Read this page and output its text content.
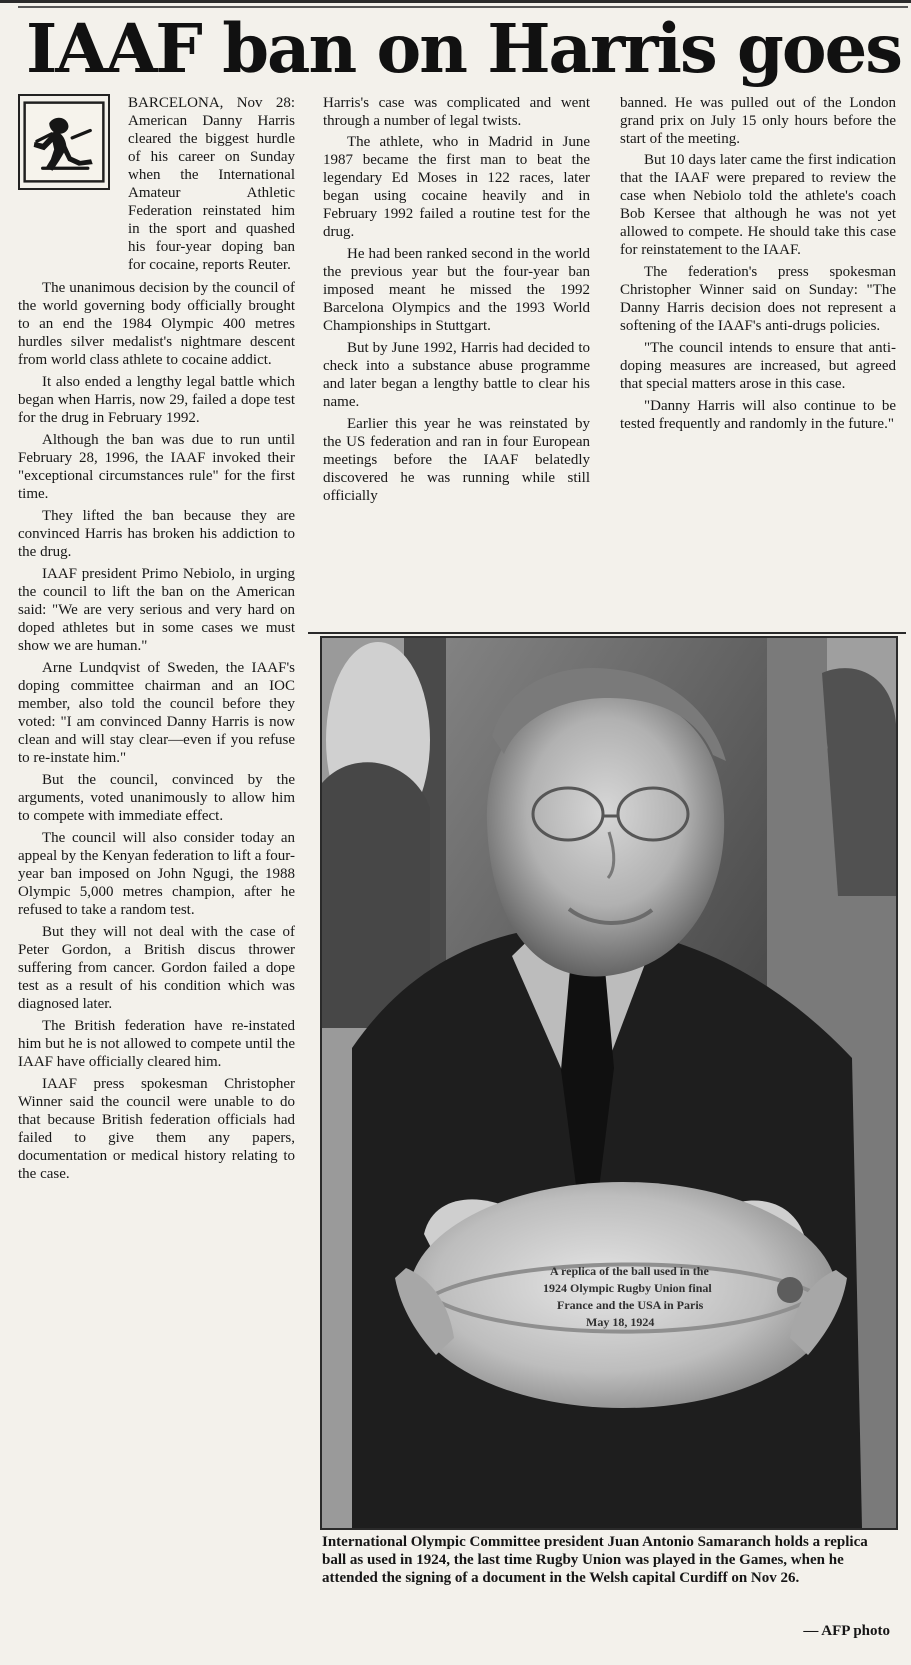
IAAF ban on Harris goes

BARCELONA, Nov 28: American Danny Harris cleared the biggest hurdle of his career on Sunday when the International Amateur Athletic Federation reinstated him in the sport and quashed his four-year doping ban for cocaine, reports Reuter.

The unanimous decision by the council of the world governing body officially brought to an end the 1984 Olympic 400 metres hurdles silver medalist's nightmare descent from world class athlete to cocaine addict.

It also ended a lengthy legal battle which began when Harris, now 29, failed a dope test for the drug in February 1992.

Although the ban was due to run until February 28, 1996, the IAAF invoked their "exceptional circumstances rule" for the first time.

They lifted the ban because they are convinced Harris has broken his addiction to the drug.

IAAF president Primo Nebiolo, in urging the council to lift the ban on the American said: "We are very serious and very hard on doped athletes but in some cases we must show we are human."

Arne Lundqvist of Sweden, the IAAF's doping committee chairman and an IOC member, also told the council before they voted: "I am convinced Danny Harris is now clean and will stay clear—even if you refuse to re-instate him."

But the council, convinced by the arguments, voted unanimously to allow him to compete with immediate effect.

The council will also consider today an appeal by the Kenyan federation to lift a four-year ban imposed on John Ngugi, the 1988 Olympic 5,000 metres champion, after he refused to take a random test.

But they will not deal with the case of Peter Gordon, a British discus thrower suffering from cancer. Gordon failed a dope test as a result of his condition which was diagnosed later.

The British federation have re-instated him but he is not allowed to compete until the IAAF have officially cleared him.

IAAF press spokesman Christopher Winner said the council were unable to do that because British federation officials had failed to give them any papers, documentation or medical history relating to the case.

Harris's case was complicated and went through a number of legal twists.

The athlete, who in Madrid in June 1987 became the first man to beat the legendary Ed Moses in 122 races, later began using cocaine heavily and in February 1992 failed a routine test for the drug.

He had been ranked second in the world the previous year but the four-year ban imposed meant he missed the 1992 Barcelona Olympics and the 1993 World Championships in Stuttgart.

But by June 1992, Harris had decided to check into a substance abuse programme and later began a lengthy battle to clear his name.

Earlier this year he was reinstated by the US federation and ran in four European meetings before the IAAF belatedly discovered he was running while still officially

banned. He was pulled out of the London grand prix on July 15 only hours before the start of the meeting.

But 10 days later came the first indication that the IAAF were prepared to review the case when Nebiolo told the athlete's coach Bob Kersee that although he was not yet allowed to compete. He should take this case for reinstatement to the IAAF.

The federation's press spokesman Christopher Winner said on Sunday: "The Danny Harris decision does not represent a softening of the IAAF's anti-drugs policies.

"The council intends to ensure that anti-doping measures are increased, but agreed that special matters arose in this case.

"Danny Harris will also continue to be tested frequently and randomly in the future."

A replica of the ball used in the
1924 Olympic Rugby Union final
France and the USA in Paris
May 18, 1924
International Olympic Committee president Juan Antonio Samaranch holds a replica ball as used in 1924, the last time Rugby Union was played in the Games, when he attended the signing of a document in the Welsh capital Curdiff on Nov 26.
— AFP photo
